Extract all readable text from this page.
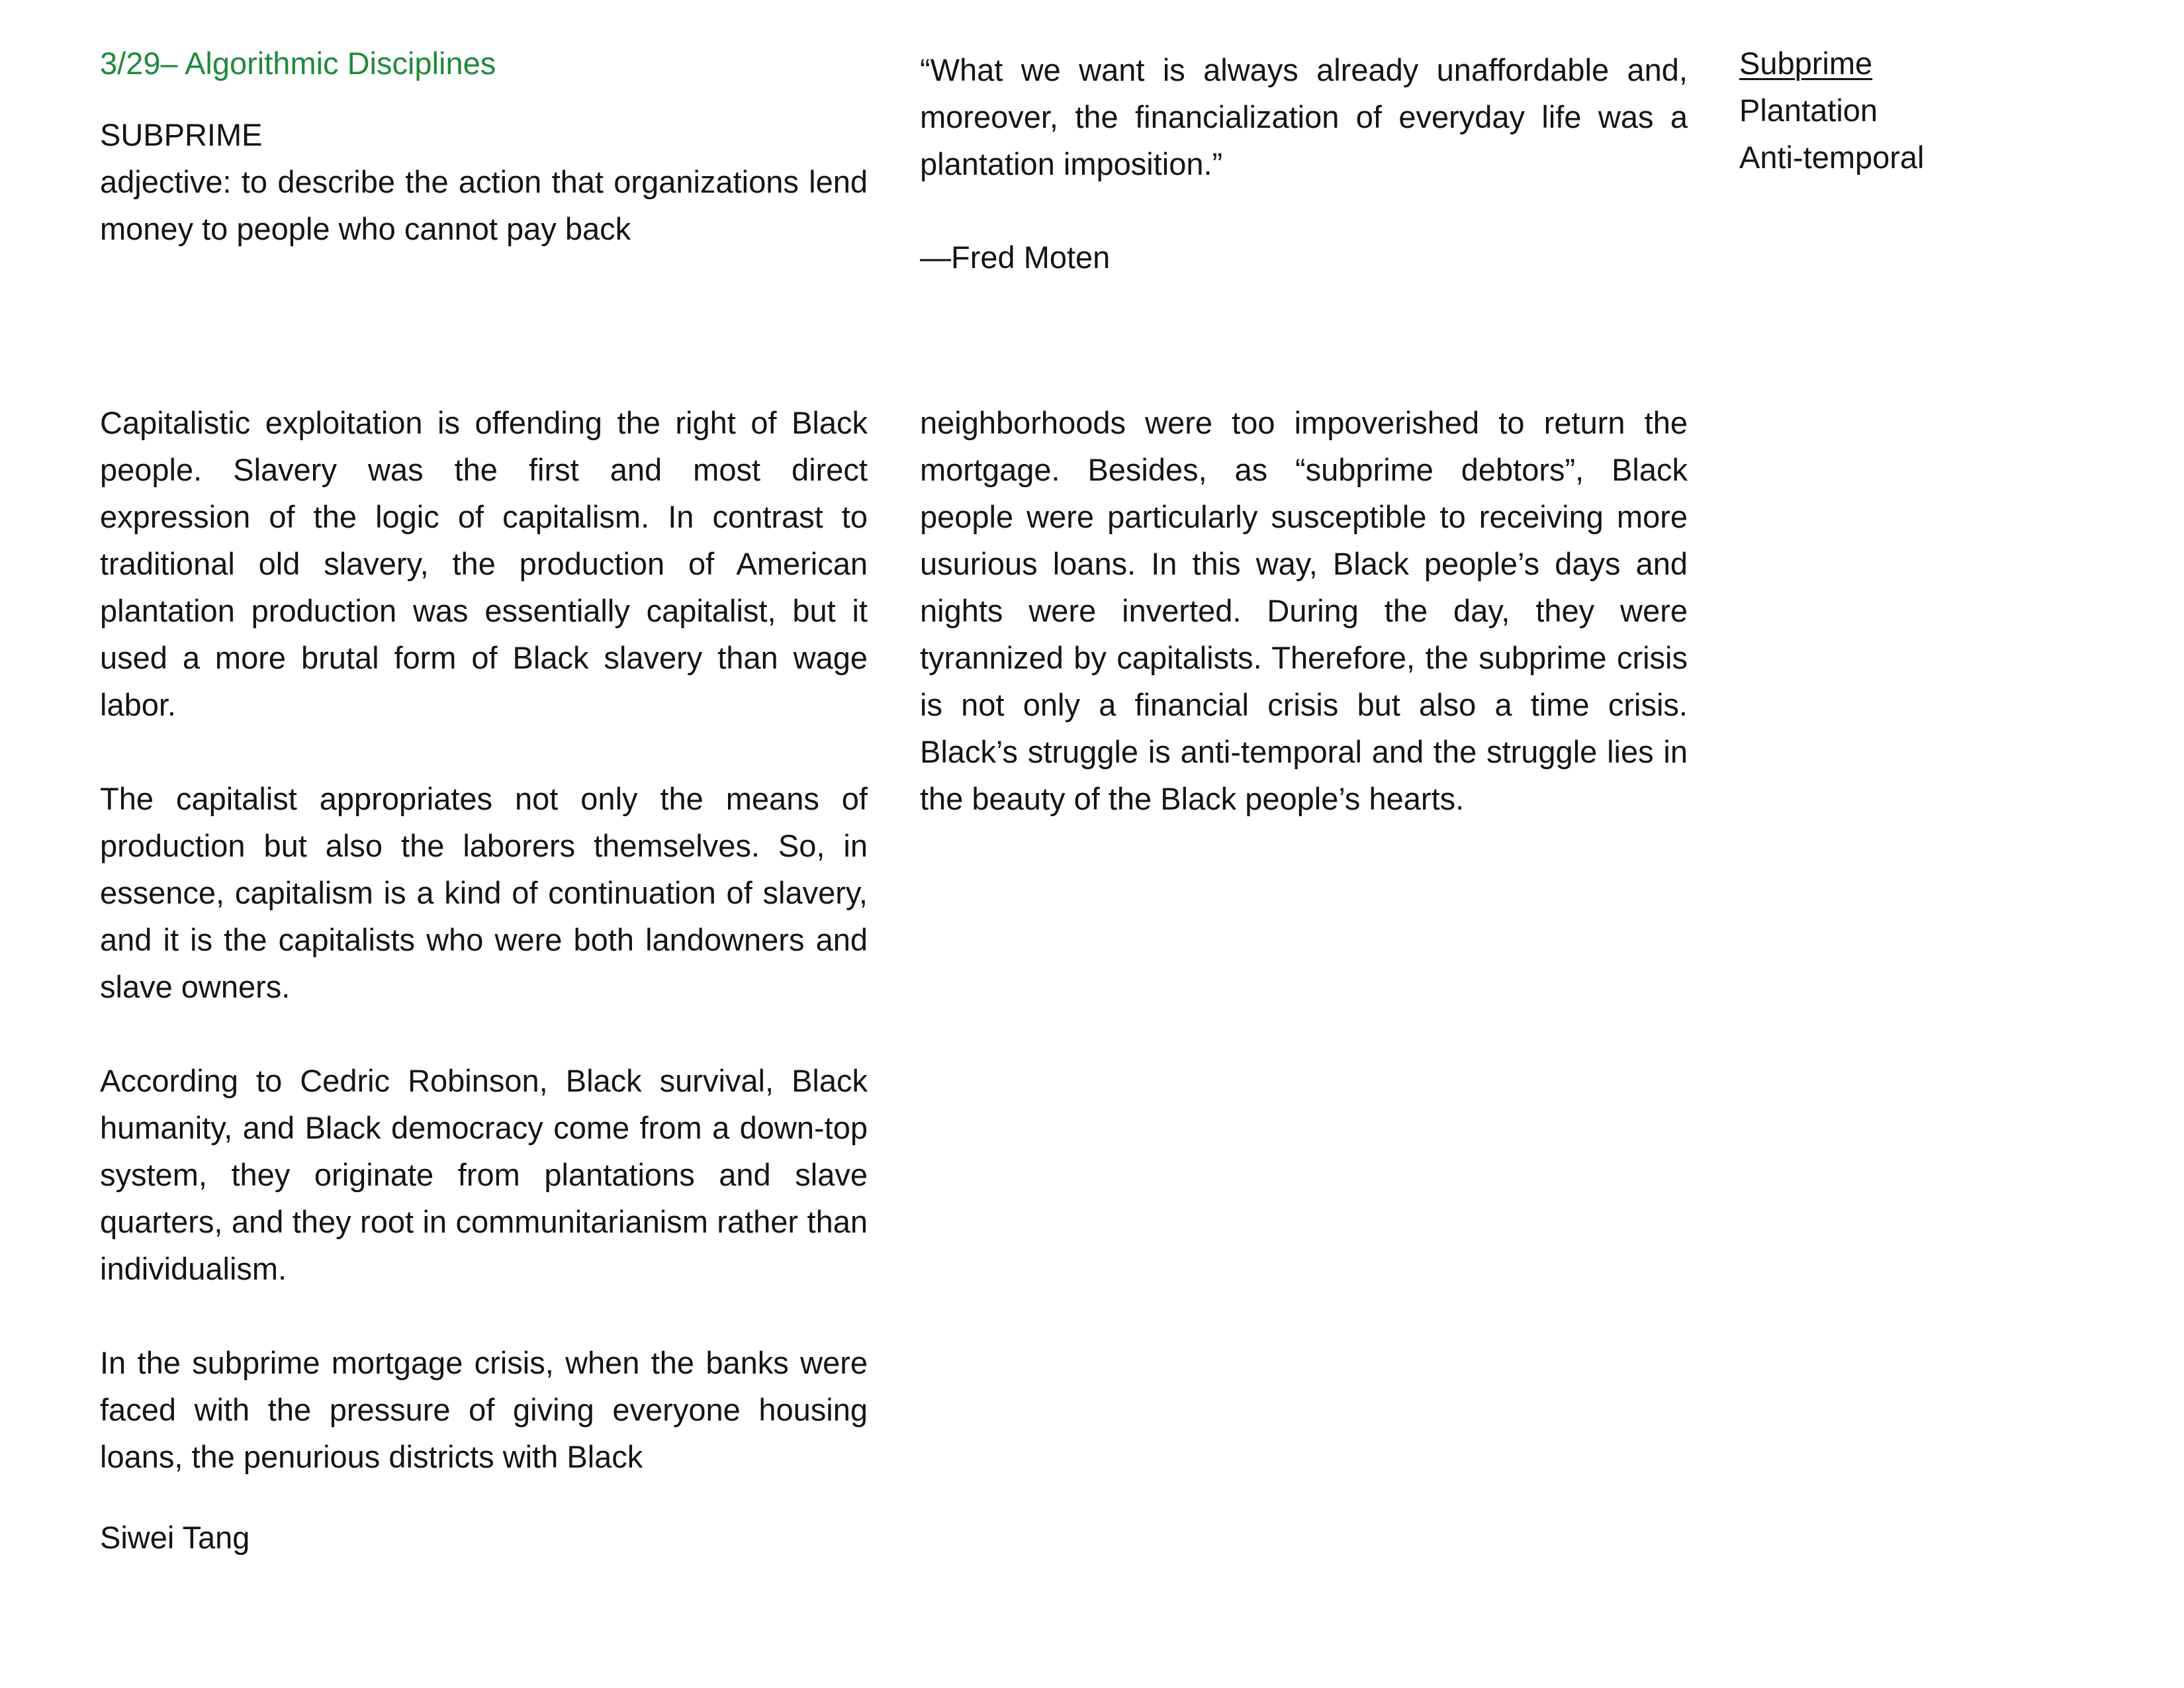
3/29– Algorithmic Disciplines
SUBPRIME
adjective: to describe the action that organizations lend money to people who cannot pay back
“What we want is always already unaffordable and, moreover, the financialization of everyday life was a plantation imposition.”
—Fred Moten
Subprime
Plantation
Anti-temporal

Capitalistic exploitation is offending the right of Black people. Slavery was the first and most direct expression of the logic of capitalism. In contrast to traditional old slavery, the production of American plantation production was essentially capitalist, but it used a more brutal form of Black slavery than wage labor.

The capitalist appropriates not only the means of production but also the laborers themselves. So, in essence, capitalism is a kind of continuation of slavery, and it is the capitalists who were both landowners and slave owners.

According to Cedric Robinson, Black survival, Black humanity, and Black democracy come from a down-top system, they originate from plantations and slave quarters, and they root in communitarianism rather than individualism.

In the subprime mortgage crisis, when the banks were faced with the pressure of giving everyone housing loans, the penurious districts with Black

neighborhoods were too impoverished to return the mortgage. Besides, as “subprime debtors”, Black people were particularly susceptible to receiving more usurious loans. In this way, Black people’s days and nights were inverted. During the day, they were tyrannized by capitalists. Therefore, the subprime crisis is not only a financial crisis but also a time crisis. Black’s struggle is anti-temporal and the struggle lies in the beauty of the Black people’s hearts.

Siwei Tang
